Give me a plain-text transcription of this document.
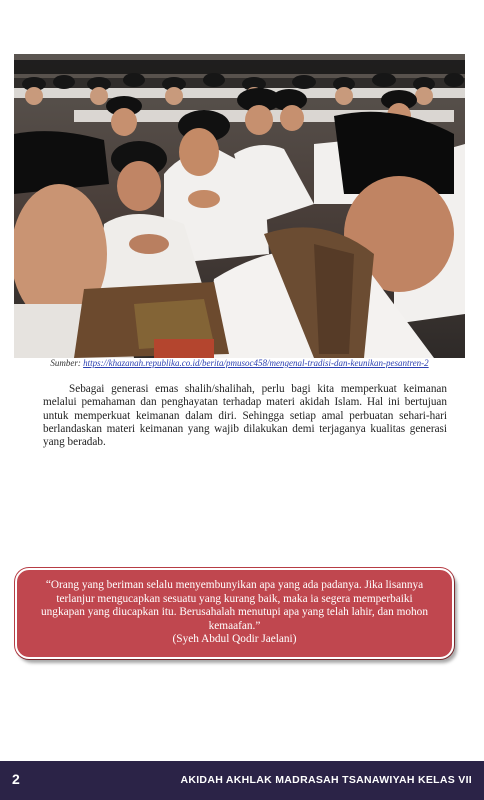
Sumber: https://khazanah.republika.co.id/berita/pmusoc458/mengenal-tradisi-dan-keunikan-pesantren-2

Sebagai generasi emas shalih/shalihah, perlu bagi kita memperkuat keimanan melalui pemahaman dan penghayatan terhadap materi akidah Islam. Hal ini bertujuan untuk memperkuat keimanan dalam diri. Sehingga setiap amal perbuatan sehari-hari berlandaskan materi keimanan yang wajib dilakukan demi terjaganya kualitas generasi yang beradab.

“Orang yang beriman selalu menyembunyikan apa yang ada padanya. Jika lisannya terlanjur mengucapkan sesuatu yang kurang baik, maka ia segera memperbaiki ungkapan yang diucapkan itu. Berusahalah menutupi apa yang telah lahir, dan mohon kemaafan.”

(Syeh Abdul Qodir Jaelani)

2	AKIDAH AKHLAK MADRASAH TSANAWIYAH KELAS VII
